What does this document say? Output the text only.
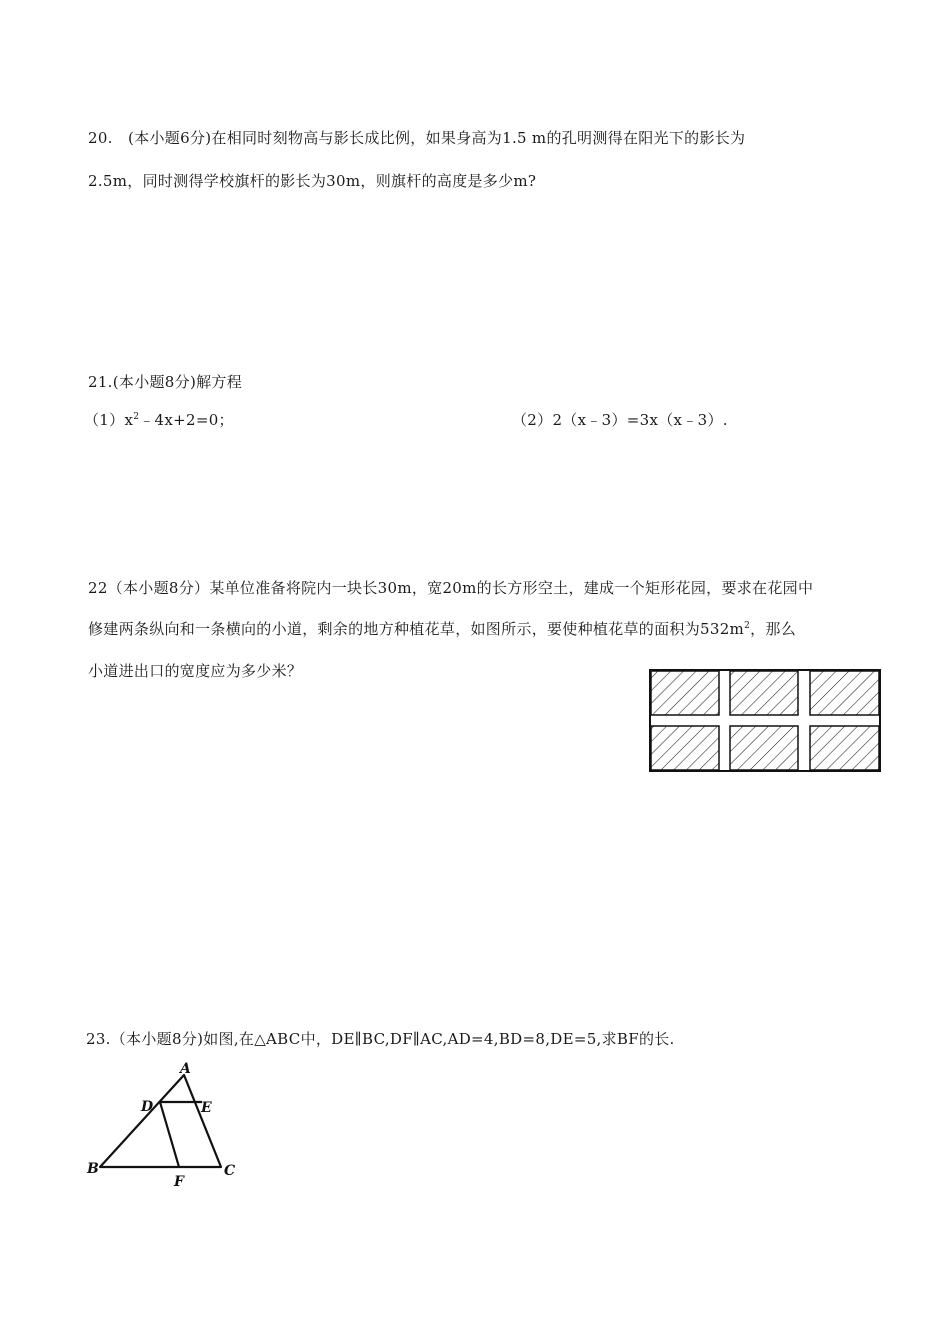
20.　(本小题6分)在相同时刻物高与影长成比例，如果身高为1.5 m的孔明测得在阳光下的影长为
2.5m，同时测得学校旗杆的影长为30m，则旗杆的高度是多少m?
21.(本小题8分)解方程
$(1)x^2﹣4x+2=0$；	（2）2（x﹣3）=3x（x﹣3）.
22（本小题8分）某单位准备将院内一块长30m，宽20m的长方形空土，建成一个矩形花园，要求在花园中
修建两条纵向和一条横向的小道，剩余的地方种植花草，如图所示，要使种植花草的面积为$532m^2$，那么
小道进出口的宽度应为多少米？
23.（本小题8分)如图,在△ABC中，DE∥BC,DF∥AC,AD=4,BD=8,DE=5,求BF的长.
A
B	C
D	E
F
